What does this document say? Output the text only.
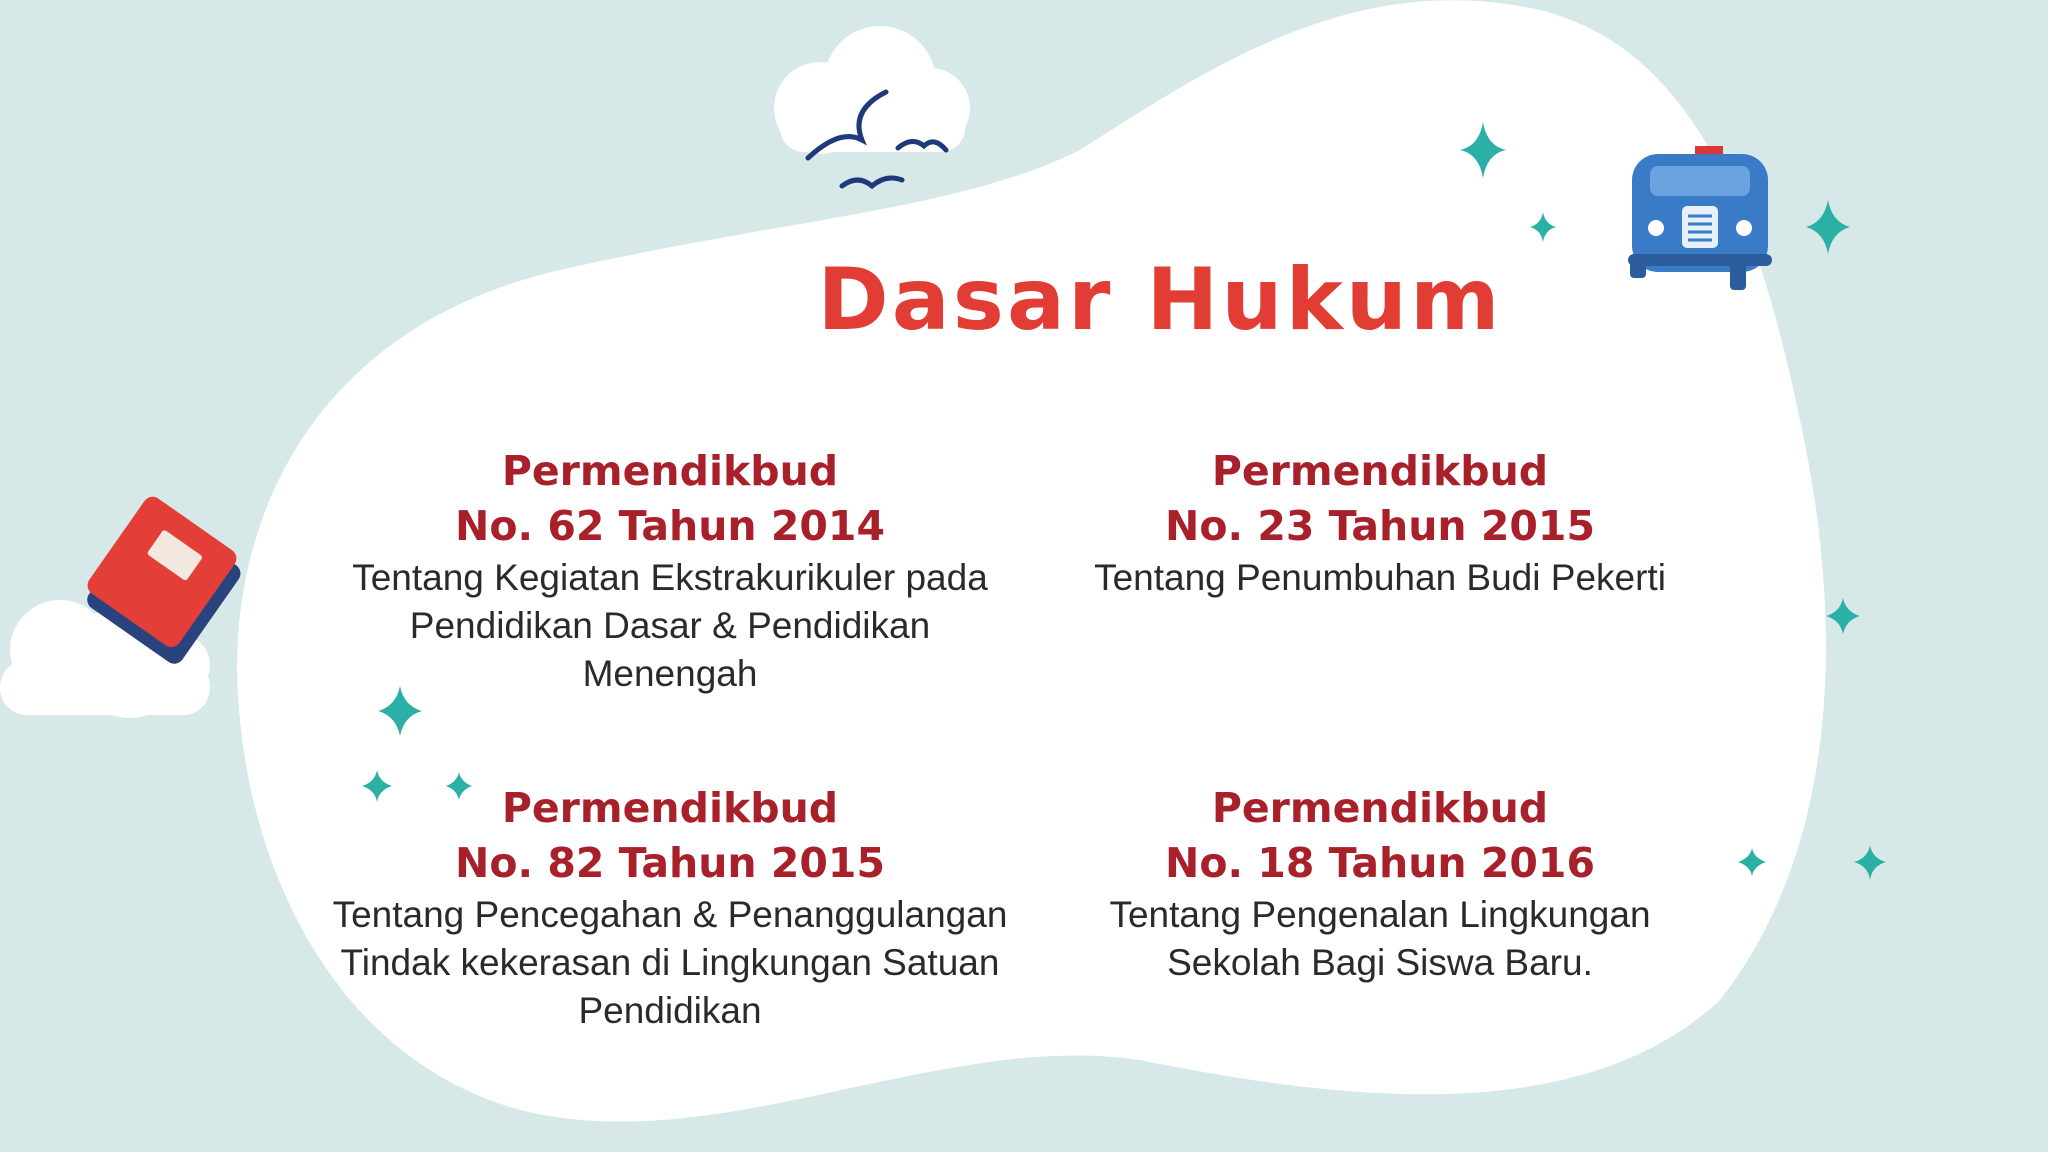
Dasar Hukum

Permendikbud

No. 62 Tahun 2014

Tentang Kegiatan Ekstrakurikuler pada Pendidikan Dasar & Pendidikan Menengah

Permendikbud

No. 23 Tahun 2015

Tentang Penumbuhan Budi Pekerti

Permendikbud

No. 82 Tahun 2015

Tentang Pencegahan & Penanggulangan Tindak kekerasan di Lingkungan Satuan Pendidikan

Permendikbud

No. 18 Tahun 2016

Tentang Pengenalan Lingkungan Sekolah Bagi Siswa Baru.
